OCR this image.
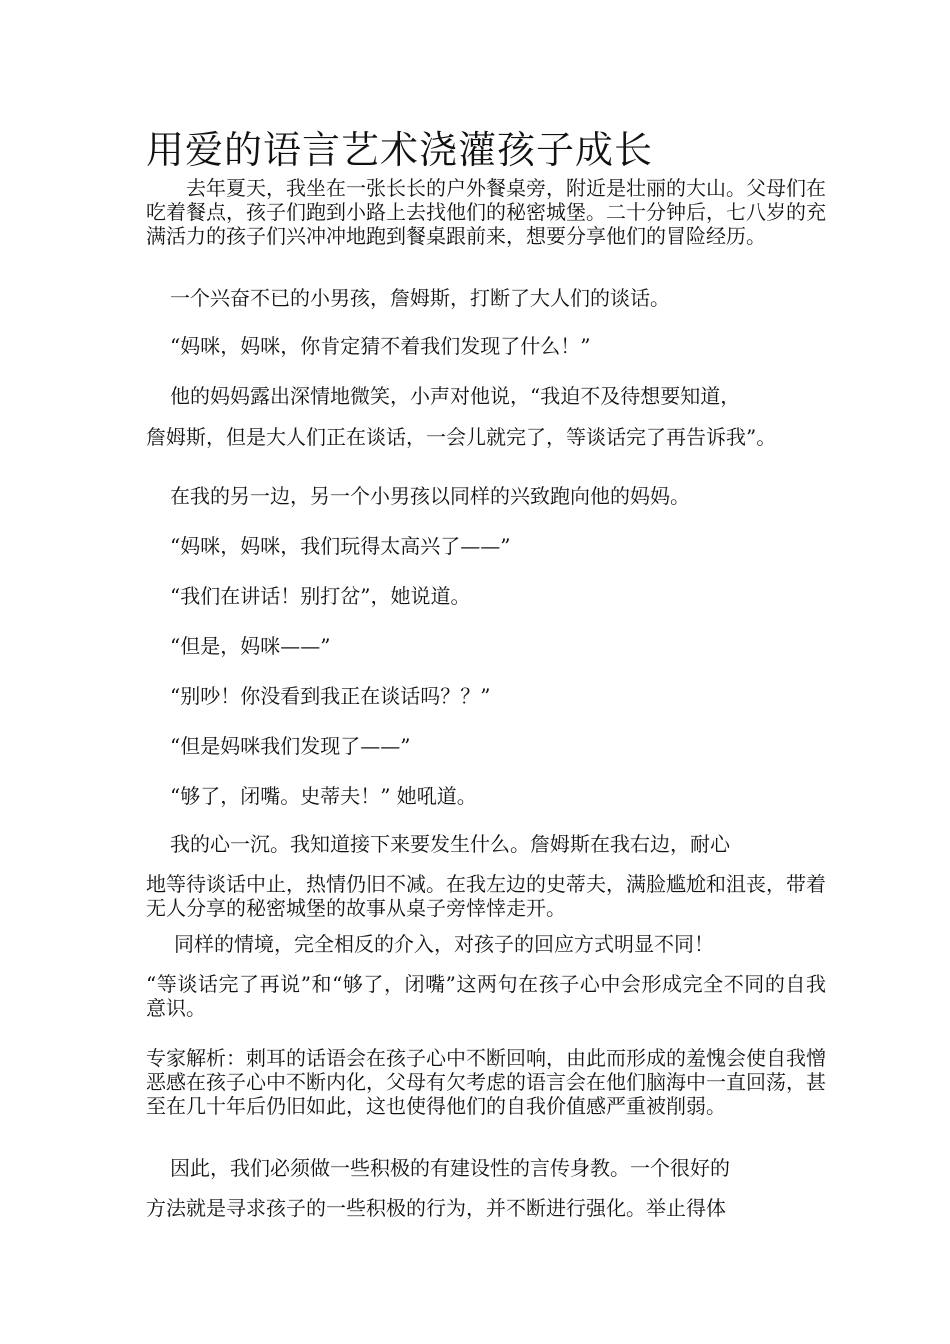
用爱的语言艺术浇灌孩子成长

去年夏天，我坐在一张长长的户外餐桌旁，附近是壮丽的大山。父母们在吃着餐点，孩子们跑到小路上去找他们的秘密城堡。二十分钟后，七八岁的充满活力的孩子们兴冲冲地跑到餐桌跟前来，想要分享他们的冒险经历。

一个兴奋不已的小男孩，詹姆斯，打断了大人们的谈话。

“妈咪，妈咪，你肯定猜不着我们发现了什么！”

他的妈妈露出深情地微笑，小声对他说，“我迫不及待想要知道，

詹姆斯，但是大人们正在谈话，一会儿就完了，等谈话完了再告诉我”。

在我的另一边，另一个小男孩以同样的兴致跑向他的妈妈。

“妈咪，妈咪，我们玩得太高兴了——”

“我们在讲话！别打岔”，她说道。

“但是，妈咪——”

“别吵！你没看到我正在谈话吗？？”

“但是妈咪我们发现了——”

“够了，闭嘴。史蒂夫！” 她吼道。

我的心一沉。我知道接下来要发生什么。詹姆斯在我右边，耐心

地等待谈话中止，热情仍旧不减。在我左边的史蒂夫，满脸尴尬和沮丧，带着无人分享的秘密城堡的故事从桌子旁悻悻走开。

同样的情境，完全相反的介入，对孩子的回应方式明显不同！

“等谈话完了再说”和“够了，闭嘴”这两句在孩子心中会形成完全不同的自我意识。

专家解析：刺耳的话语会在孩子心中不断回响，由此而形成的羞愧会使自我憎恶感在孩子心中不断内化，父母有欠考虑的语言会在他们脑海中一直回荡，甚至在几十年后仍旧如此，这也使得他们的自我价值感严重被削弱。

因此，我们必须做一些积极的有建设性的言传身教。一个很好的

方法就是寻求孩子的一些积极的行为，并不断进行强化。举止得体
